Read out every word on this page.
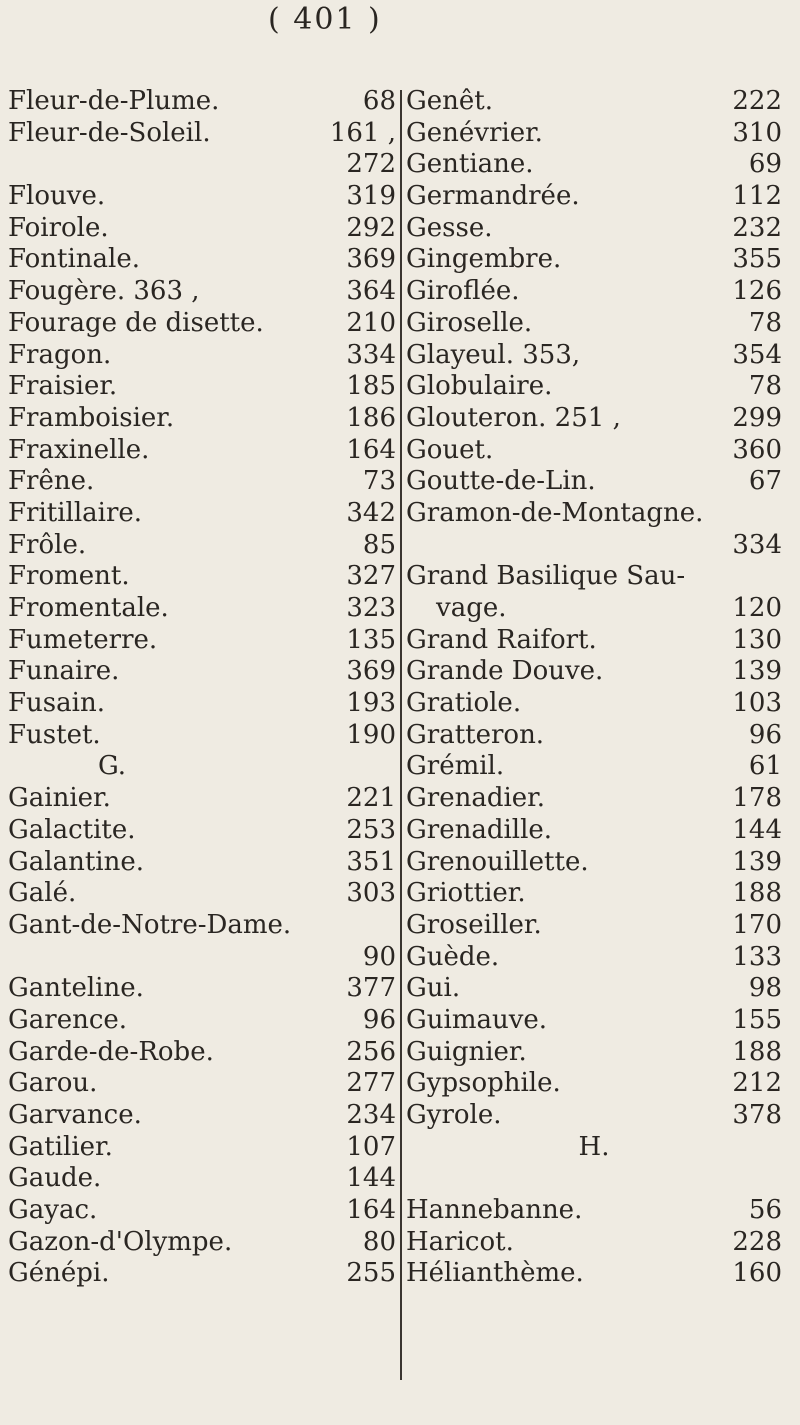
( 401 )
Fleur-de-Plume.	68
Fleur-de-Soleil.	161 ,
272
Flouve.	319
Foirole.	292
Fontinale.	369
Fougère. 363 ,	364
Fourage de disette.	210
Fragon.	334
Fraisier.	185
Framboisier.	186
Fraxinelle.	164
Frêne.	73
Fritillaire.	342
Frôle.	85
Froment.	327
Fromentale.	323
Fumeterre.	135
Funaire.	369
Fusain.	193
Fustet.	190
G.
Gainier.	221
Galactite.	253
Galantine.	351
Galé.	303
Gant-de-Notre-Dame.
90
Ganteline.	377
Garence.	96
Garde-de-Robe.	256
Garou.	277
Garvance.	234
Gatilier.	107
Gaude.	144
Gayac.	164
Gazon-d'Olympe.	80
Génépi.	255
Genêt.	222
Genévrier.	310
Gentiane.	69
Germandrée.	112
Gesse.	232
Gingembre.	355
Giroflée.	126
Giroselle.	78
Glayeul. 353,	354
Globulaire.	78
Glouteron. 251 ,	299
Gouet.	360
Goutte-de-Lin.	67
Gramon-de-Montagne.
334
Grand Basilique Sau-
vage.	120
Grand Raifort.	130
Grande Douve.	139
Gratiole.	103
Gratteron.	96
Grémil.	61
Grenadier.	178
Grenadille.	144
Grenouillette.	139
Griottier.	188
Groseiller.	170
Guède.	133
Gui.	98
Guimauve.	155
Guignier.	188
Gypsophile.	212
Gyrole.	378
H.
Hannebanne.	56
Haricot.	228
Hélianthème.	160
